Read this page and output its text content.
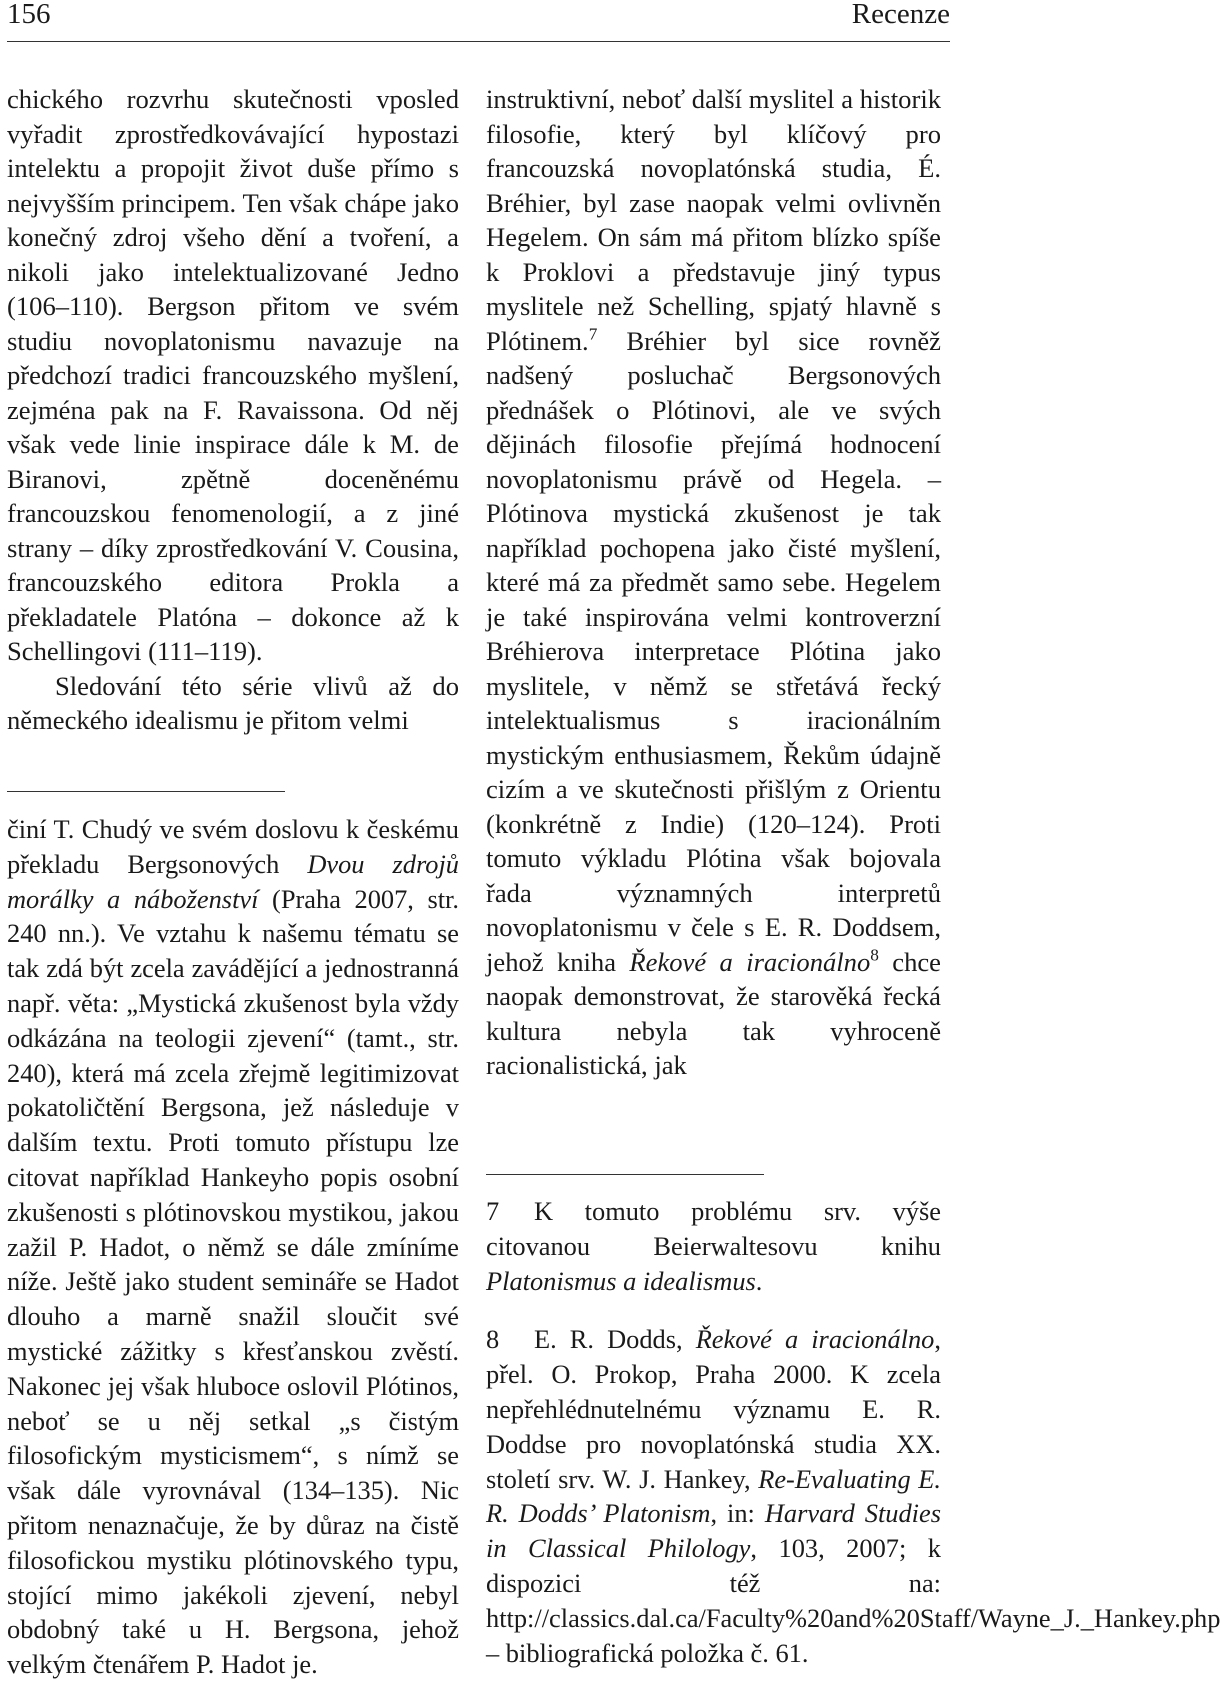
156	Recenze

chického rozvrhu skutečnosti vposled vyřadit zprostředkovávající hypostazi intelektu a propojit život duše přímo s nejvyšším principem. Ten však chápe jako konečný zdroj všeho dění a tvoření, a nikoli jako intelektualizované Jedno (106–110). Bergson přitom ve svém studiu novoplatonismu navazuje na předchozí tradici francouzského myšlení, zejména pak na F. Ravaissona. Od něj však vede linie inspirace dále k M. de Biranovi, zpětně doceněnému francouzskou fenomenologií, a z jiné strany – díky zprostředkování V. Cousina, francouzského editora Prokla a překladatele Platóna – dokonce až k Schellingovi (111–119).

Sledování této série vlivů až do německého idealismu je přitom velmi

činí T. Chudý ve svém doslovu k českému překladu Bergsonových Dvou zdrojů morálky a náboženství (Praha 2007, str. 240 nn.). Ve vztahu k našemu tématu se tak zdá být zcela zavádějící a jednostranná např. věta: „Mystická zkušenost byla vždy odkázána na teologii zjevení“ (tamt., str. 240), která má zcela zřejmě legitimizovat pokatoličtění Bergsona, jež následuje v dalším textu. Proti tomuto přístupu lze citovat například Hankeyho popis osobní zkušenosti s plótinovskou mystikou, jakou zažil P. Hadot, o němž se dále zmíníme níže. Ještě jako student semináře se Hadot dlouho a marně snažil sloučit své mystické zážitky s křesťanskou zvěstí. Nakonec jej však hluboce oslovil Plótinos, neboť se u něj setkal „s čistým filosofickým mysticismem“, s nímž se však dále vyrovnával (134–135). Nic přitom nenaznačuje, že by důraz na čistě filosofickou mystiku plótinovského typu, stojící mimo jakékoli zjevení, nebyl obdobný také u H. Bergsona, jehož velkým čtenářem P. Hadot je.

instruktivní, neboť další myslitel a historik filosofie, který byl klíčový pro francouzská novoplatónská studia, É. Bréhier, byl zase naopak velmi ovlivněn Hegelem. On sám má přitom blízko spíše k Proklovi a představuje jiný typus myslitele než Schelling, spjatý hlavně s Plótinem.$^7$ Bréhier byl sice rovněž nadšený posluchač Bergsonových přednášek o Plótinovi, ale ve svých dějinách filosofie přejímá hodnocení novoplatonismu právě od Hegela. – Plótinova mystická zkušenost je tak například pochopena jako čisté myšlení, které má za předmět samo sebe. Hegelem je také inspirována velmi kontroverzní Bréhierova interpretace Plótina jako myslitele, v němž se střetává řecký intelektualismus s iracionálním mystickým enthusiasmem, Řekům údajně cizím a ve skutečnosti přišlým z Orientu (konkrétně z Indie) (120–124). Proti tomuto výkladu Plótina však bojovala řada významných interpretů novoplatonismu v čele s E. R. Doddsem, jehož kniha Řekové a iracionálno$^8$ chce naopak demonstrovat, že starověká řecká kultura nebyla tak vyhroceně racionalistická, jak

7 K tomuto problému srv. výše citovanou Beierwaltesovu knihu Platonismus a idealismus.

8 E. R. Dodds, Řekové a iracionálno, přel. O. Prokop, Praha 2000. K zcela nepřehlédnutelnému významu E. R. Doddse pro novoplatónská studia XX. století srv. W. J. Hankey, Re-Evaluating E. R. Dodds’ Platonism, in: Harvard Studies in Classical Philology, 103, 2007; k dispozici též na: http://classics.dal.ca/Faculty%20and%20Staff/Wayne_J._Hankey.php – bibliografická položka č. 61.
